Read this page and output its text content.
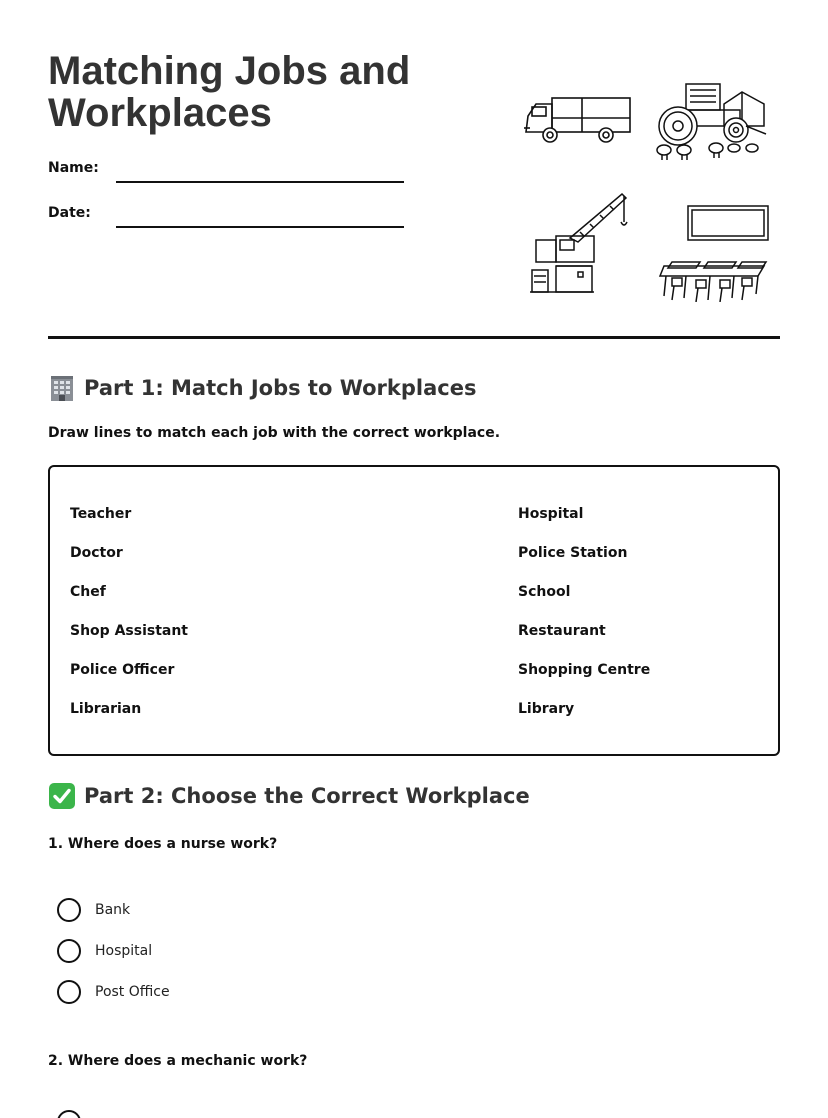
Matching Jobs and Workplaces
Name:
Date:
Part 1: Match Jobs to Workplaces
Draw lines to match each job with the correct workplace.
Teacher
Doctor
Chef
Shop Assistant
Police Officer
Librarian
Hospital
Police Station
School
Restaurant
Shopping Centre
Library
Part 2: Choose the Correct Workplace
1. Where does a nurse work?
Bank
Hospital
Post Office
2. Where does a mechanic work?
